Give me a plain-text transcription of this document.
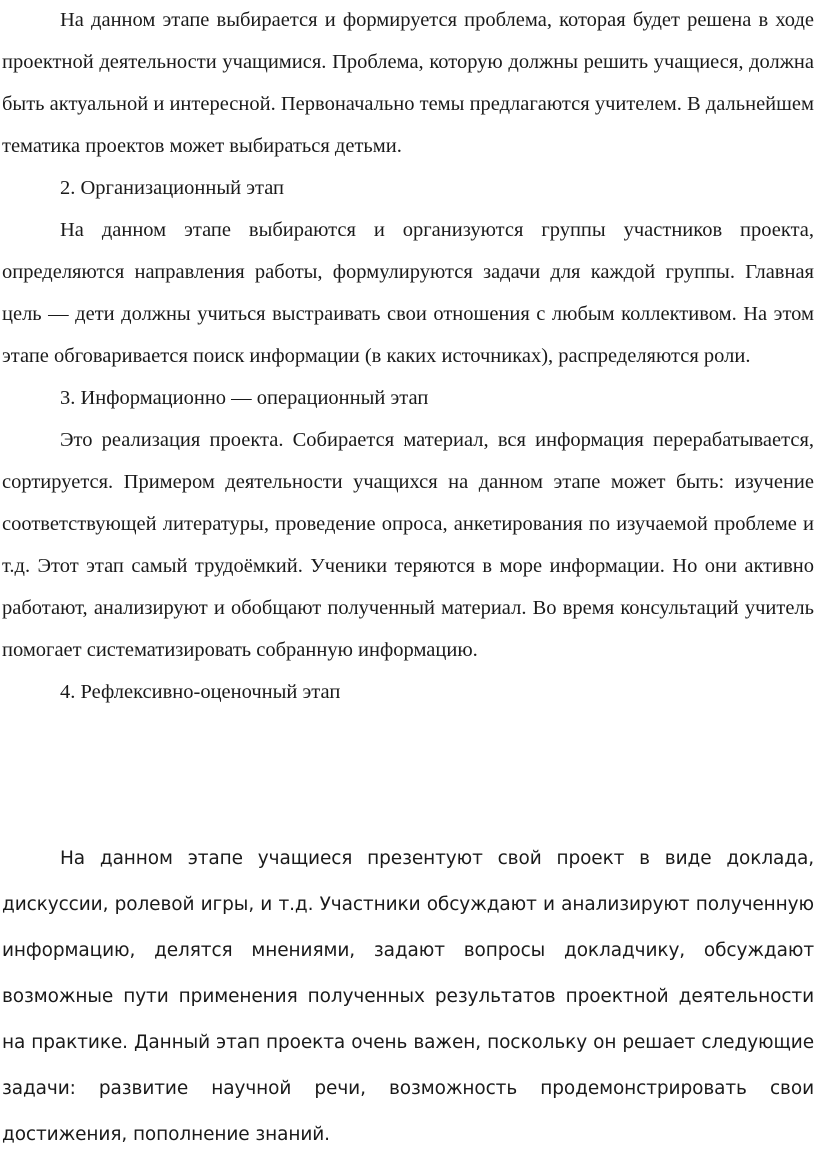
На данном этапе выбирается и формируется проблема, которая будет решена в ходе проектной деятельности учащимися. Проблема, которую должны решить учащиеся, должна быть актуальной и интересной. Первоначально темы предлагаются учителем. В дальнейшем тематика проектов может выбираться детьми.

2. Организационный этап

На данном этапе выбираются и организуются группы участников проекта, определяются направления работы, формулируются задачи для каждой группы. Главная цель — дети должны учиться выстраивать свои отношения с любым коллективом. На этом этапе обговаривается поиск информации (в каких источниках), распределяются роли.

3. Информационно — операционный этап

Это реализация проекта. Собирается материал, вся информация перерабатывается, сортируется. Примером деятельности учащихся на данном этапе может быть: изучение соответствующей литературы, проведение опроса, анкетирования по изучаемой проблеме и т.д. Этот этап самый трудоёмкий. Ученики теряются в море информации. Но они активно работают, анализируют и обобщают полученный материал. Во время консультаций учитель помогает систематизировать собранную информацию.

4. Рефлексивно-оценочный этап

На данном этапе учащиеся презентуют свой проект в виде доклада, дискуссии, ролевой игры, и т.д. Участники обсуждают и анализируют полученную информацию, делятся мнениями, задают вопросы докладчику, обсуждают возможные пути применения полученных результатов проектной деятельности на практике. Данный этап проекта очень важен, поскольку он решает следующие задачи: развитие научной речи, возможность продемонстрировать свои достижения, пополнение знаний.
